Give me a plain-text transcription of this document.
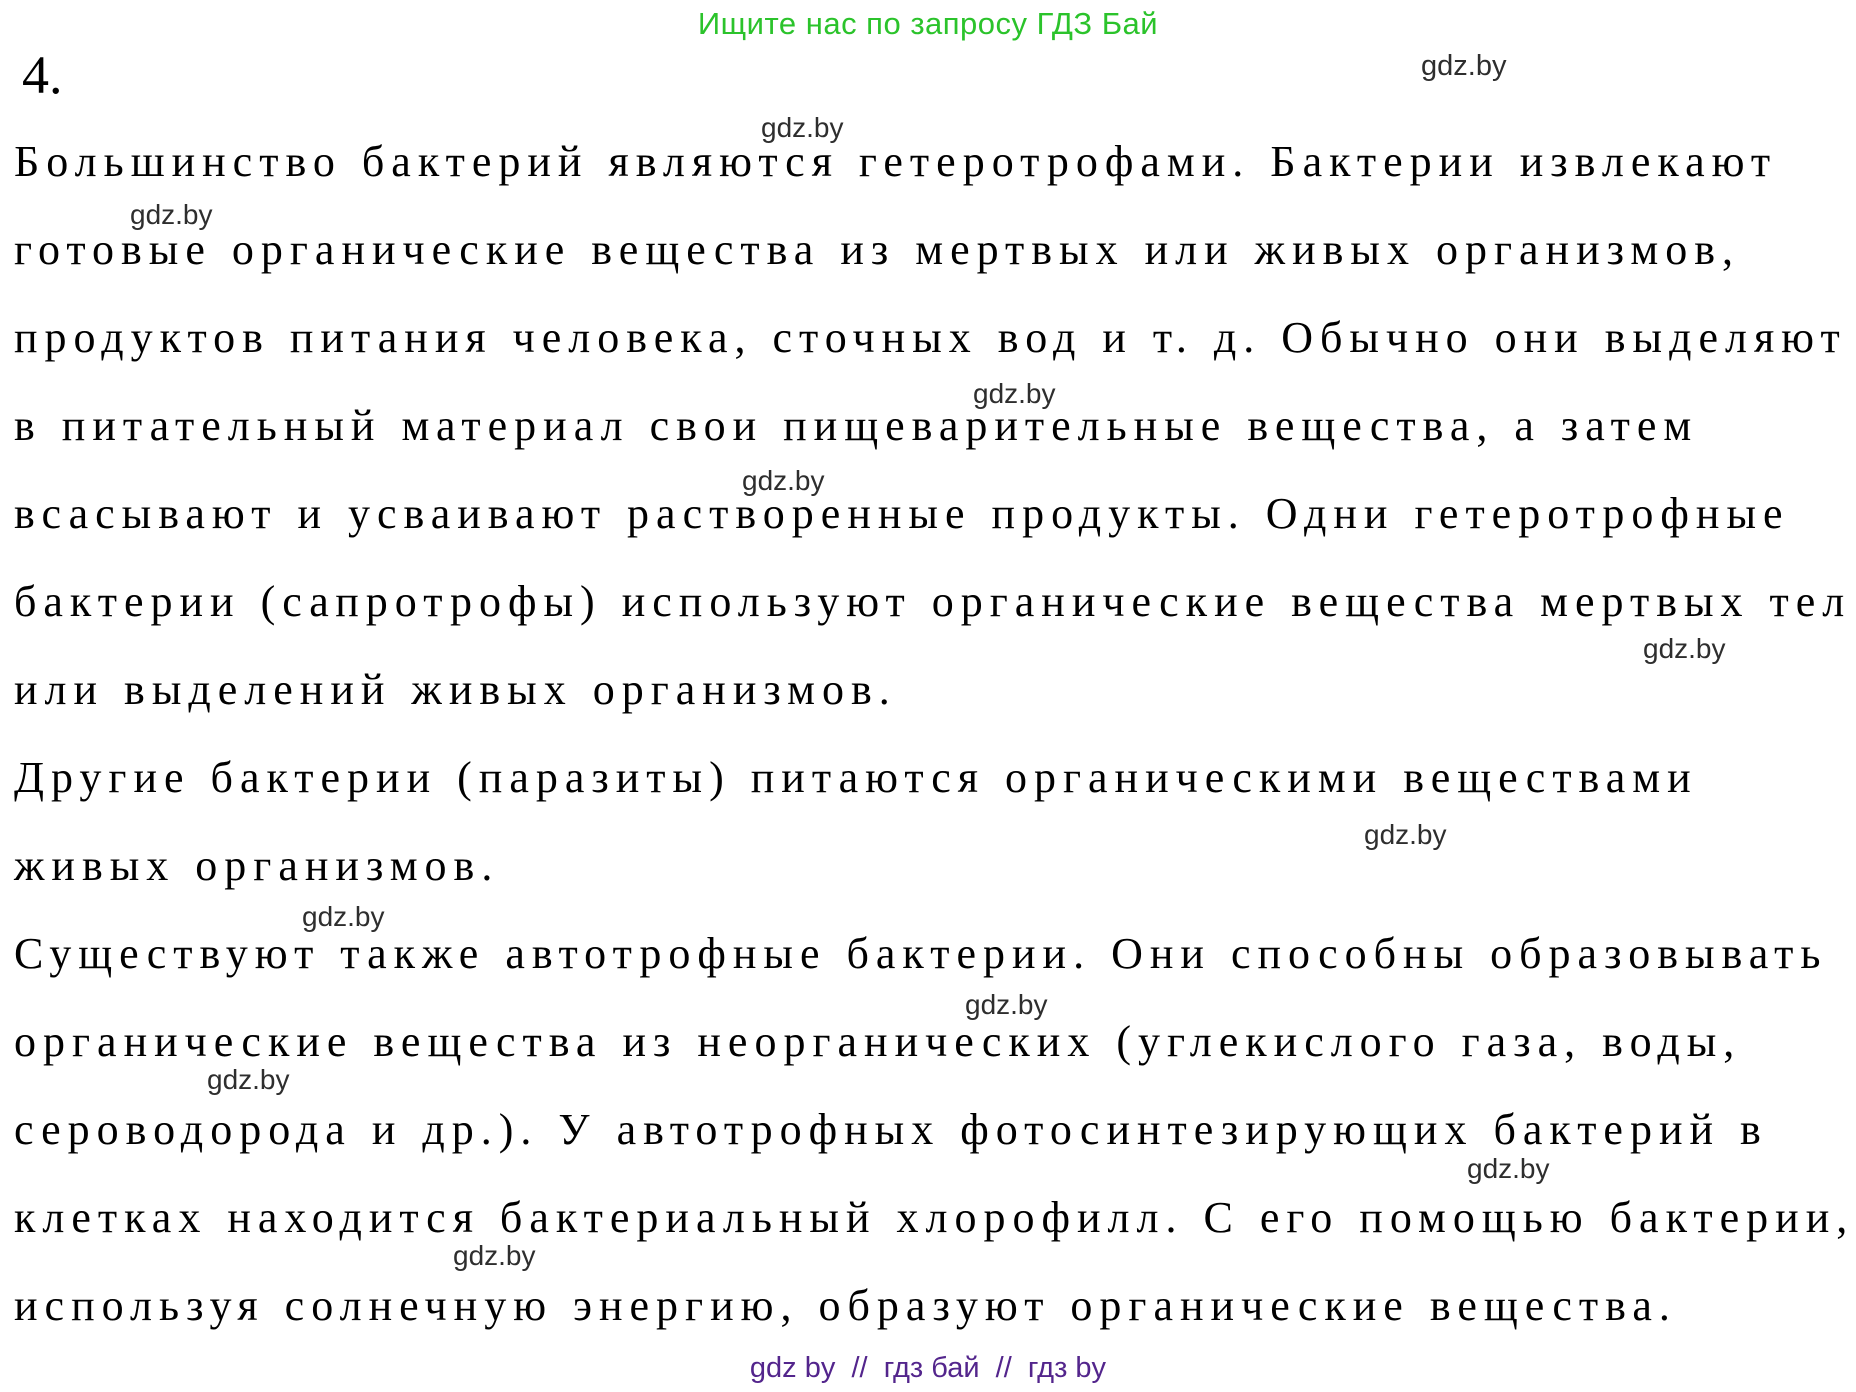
Ищите нас по запросу ГДЗ Бай
gdz.by
gdz.by
gdz.by
gdz.by
gdz.by
gdz.by
gdz.by
gdz.by
gdz.by
gdz.by
gdz.by
gdz.by
4.
Большинство бактерий являются гетеротрофами. Бактерии извлекают
готовые органические вещества из мертвых или живых организмов,
продуктов питания человека, сточных вод и т. д. Обычно они выделяют
в питательный материал свои пищеварительные вещества, а затем
всасывают и усваивают растворенные продукты. Одни гетеротрофные
бактерии (сапротрофы) используют органические вещества мертвых тел
или выделений живых организмов.
Другие бактерии (паразиты) питаются органическими веществами
живых организмов.
Существуют также автотрофные бактерии. Они способны образовывать
органические вещества из неорганических (углекислого газа, воды,
сероводорода и др.). У автотрофных фотосинтезирующих бактерий в
клетках находится бактериальный хлорофилл. С его помощью бактерии,
используя солнечную энергию, образуют органические вещества.
gdz by  //  гдз бай  //  гдз by
